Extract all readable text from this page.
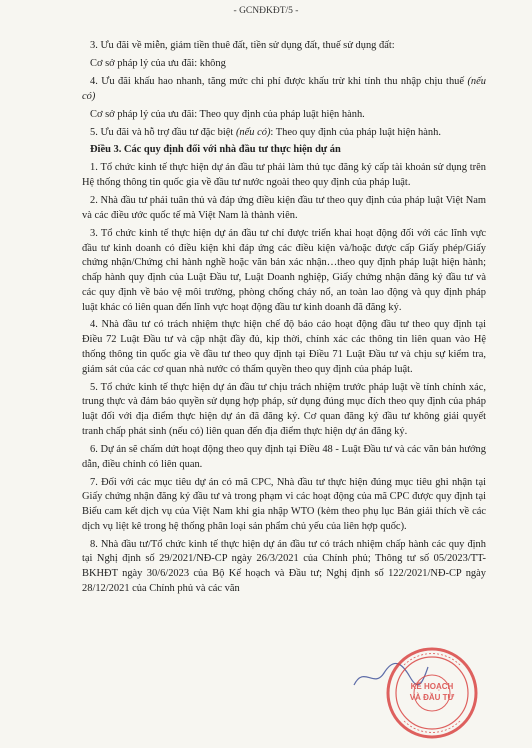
- GCNĐKĐT/5 -

3. Ưu đãi về miễn, giảm tiền thuê đất, tiền sử dụng đất, thuế sử dụng đất:

Cơ sở pháp lý của ưu đãi: không

4. Ưu đãi khấu hao nhanh, tăng mức chi phí được khấu trừ khi tính thu nhập chịu thuế (nếu có)

Cơ sở pháp lý của ưu đãi: Theo quy định của pháp luật hiện hành.

5. Ưu đãi và hỗ trợ đầu tư đặc biệt (nếu có): Theo quy định của pháp luật hiện hành.

Điều 3. Các quy định đối với nhà đầu tư thực hiện dự án

1. Tổ chức kinh tế thực hiện dự án đầu tư phải làm thủ tục đăng ký cấp tài khoản sử dụng trên Hệ thống thông tin quốc gia về đầu tư nước ngoài theo quy định của pháp luật.

2. Nhà đầu tư phải tuân thủ và đáp ứng điều kiện đầu tư theo quy định của pháp luật Việt Nam và các điều ước quốc tế mà Việt Nam là thành viên.

3. Tổ chức kinh tế thực hiện dự án đầu tư chỉ được triển khai hoạt động đối với các lĩnh vực đầu tư kinh doanh có điều kiện khi đáp ứng các điều kiện và/hoặc được cấp Giấy phép/Giấy chứng nhận/Chứng chỉ hành nghề hoặc văn bản xác nhận…theo quy định pháp luật hiện hành; chấp hành quy định của Luật Đầu tư, Luật Doanh nghiệp, Giấy chứng nhận đăng ký đầu tư và các quy định về bảo vệ môi trường, phòng chống cháy nổ, an toàn lao động và quy định pháp luật khác có liên quan đến lĩnh vực hoạt động đầu tư kinh doanh đã đăng ký.

4. Nhà đầu tư có trách nhiệm thực hiện chế độ báo cáo hoạt động đầu tư theo quy định tại Điều 72 Luật Đầu tư và cập nhật đầy đủ, kịp thời, chính xác các thông tin liên quan vào Hệ thống thông tin quốc gia về đầu tư theo quy định tại Điều 71 Luật Đầu tư và chịu sự kiểm tra, giám sát của các cơ quan nhà nước có thẩm quyền theo quy định của pháp luật.

5. Tổ chức kinh tế thực hiện dự án đầu tư chịu trách nhiệm trước pháp luật về tính chính xác, trung thực và đảm bảo quyền sử dụng hợp pháp, sử dụng đúng mục đích theo quy định của pháp luật đối với địa điểm thực hiện dự án đã đăng ký. Cơ quan đăng ký đầu tư không giải quyết tranh chấp phát sinh (nếu có) liên quan đến địa điểm thực hiện dự án đăng ký.

6. Dự án sẽ chấm dứt hoạt động theo quy định tại Điều 48 - Luật Đầu tư và các văn bản hướng dẫn, điều chỉnh có liên quan.

7. Đối với các mục tiêu dự án có mã CPC, Nhà đầu tư thực hiện đúng mục tiêu ghi nhận tại Giấy chứng nhận đăng ký đầu tư và trong phạm vi các hoạt động của mã CPC được quy định tại Biểu cam kết dịch vụ của Việt Nam khi gia nhập WTO (kèm theo phụ lục Bản giải thích về các dịch vụ liệt kê trong hệ thống phân loại sản phẩm chủ yếu của liên hợp quốc).

8. Nhà đầu tư/Tổ chức kinh tế thực hiện dự án đầu tư có trách nhiệm chấp hành các quy định tại Nghị định số 29/2021/NĐ-CP ngày 26/3/2021 của Chính phủ; Thông tư số 05/2023/TT-BKHĐT ngày 30/6/2023 của Bộ Kế hoạch và Đầu tư; Nghị định số 122/2021/NĐ-CP ngày 28/12/2021 của Chính phủ và các văn

KẾ HOẠCH
VÀ ĐẦU TƯ
